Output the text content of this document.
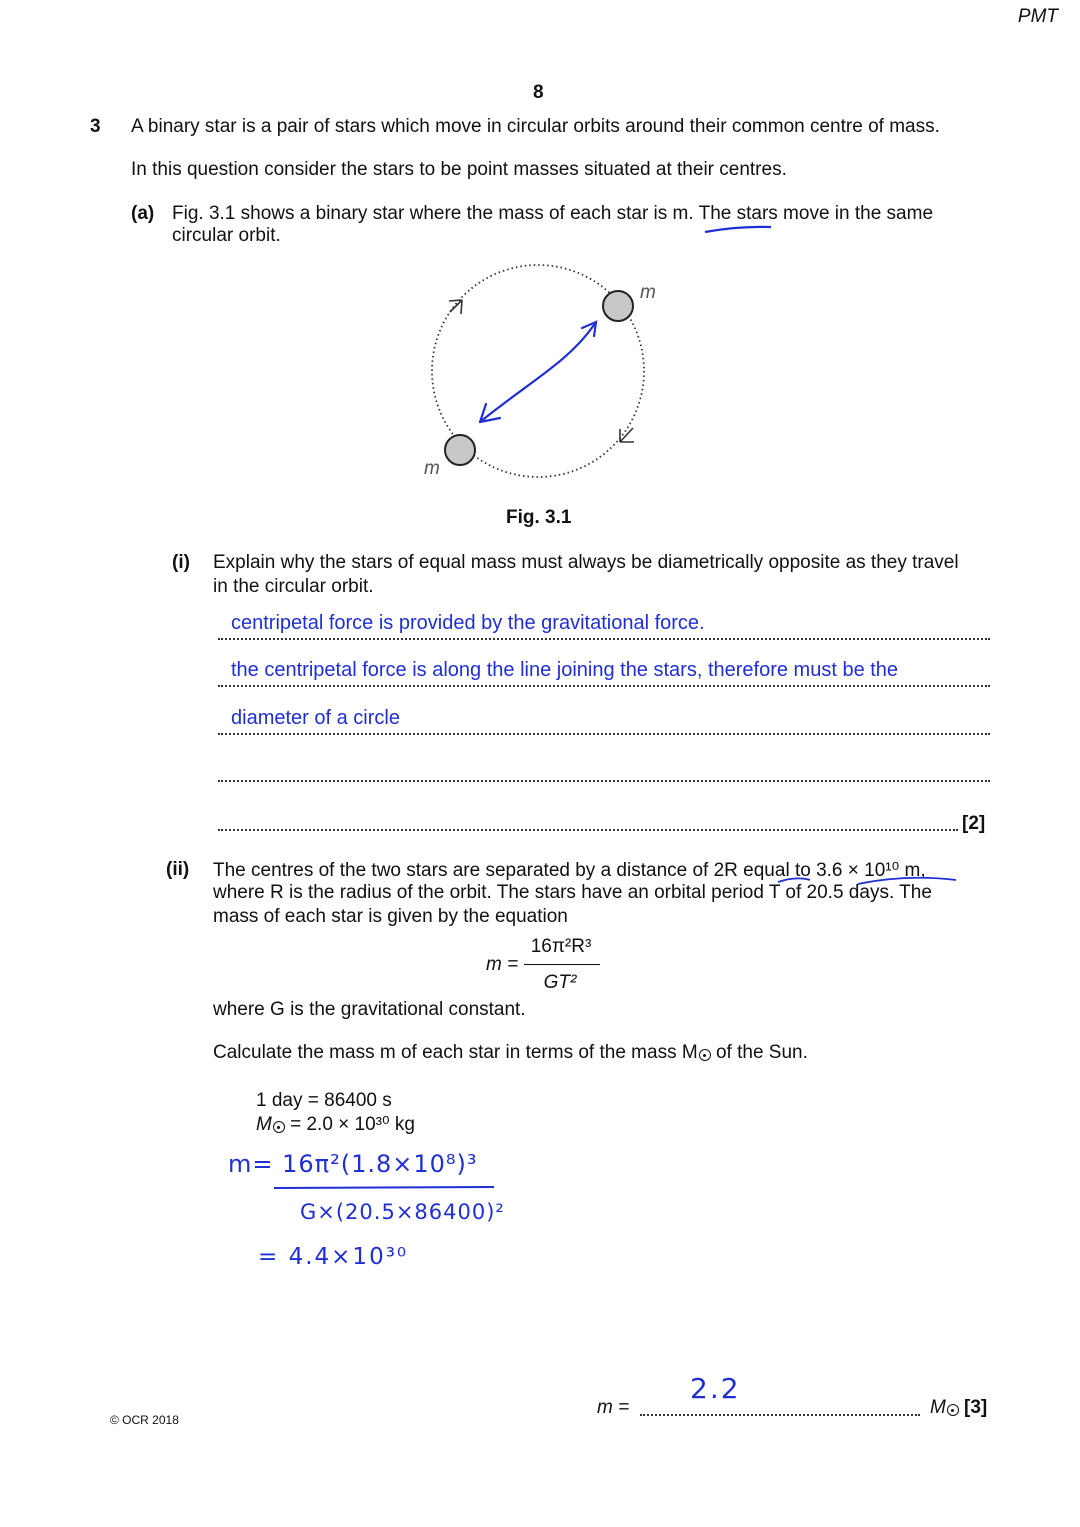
PMT
8
3 A binary star is a pair of stars which move in circular orbits around their common centre of mass.
In this question consider the stars to be point masses situated at their centres.
(a) Fig. 3.1 shows a binary star where the mass of each star is m. The stars move in the same
circular orbit.
m
m
Fig. 3.1
(i) Explain why the stars of equal mass must always be diametrically opposite as they travel
in the circular orbit.
centripetal force is provided by the gravitational force.
the centripetal force is along the line joining the stars, therefore must be the
diameter of a circle
[2]
(ii) The centres of the two stars are separated by a distance of 2R equal to 3.6 × 10¹⁰ m,
where R is the radius of the orbit. The stars have an orbital period T of 20.5 days. The
mass of each star is given by the equation
m =
16π²R³
GT²
where G is the gravitational constant.
Calculate the mass m of each star in terms of the mass M of the Sun.
1 day = 86400 s
M = 2.0 × 10³⁰ kg
m= 16π²(1.8×10⁸)³
G×(20.5×86400)²
= 4.4×10³⁰
m =
2.2
M [3]
© OCR 2018
